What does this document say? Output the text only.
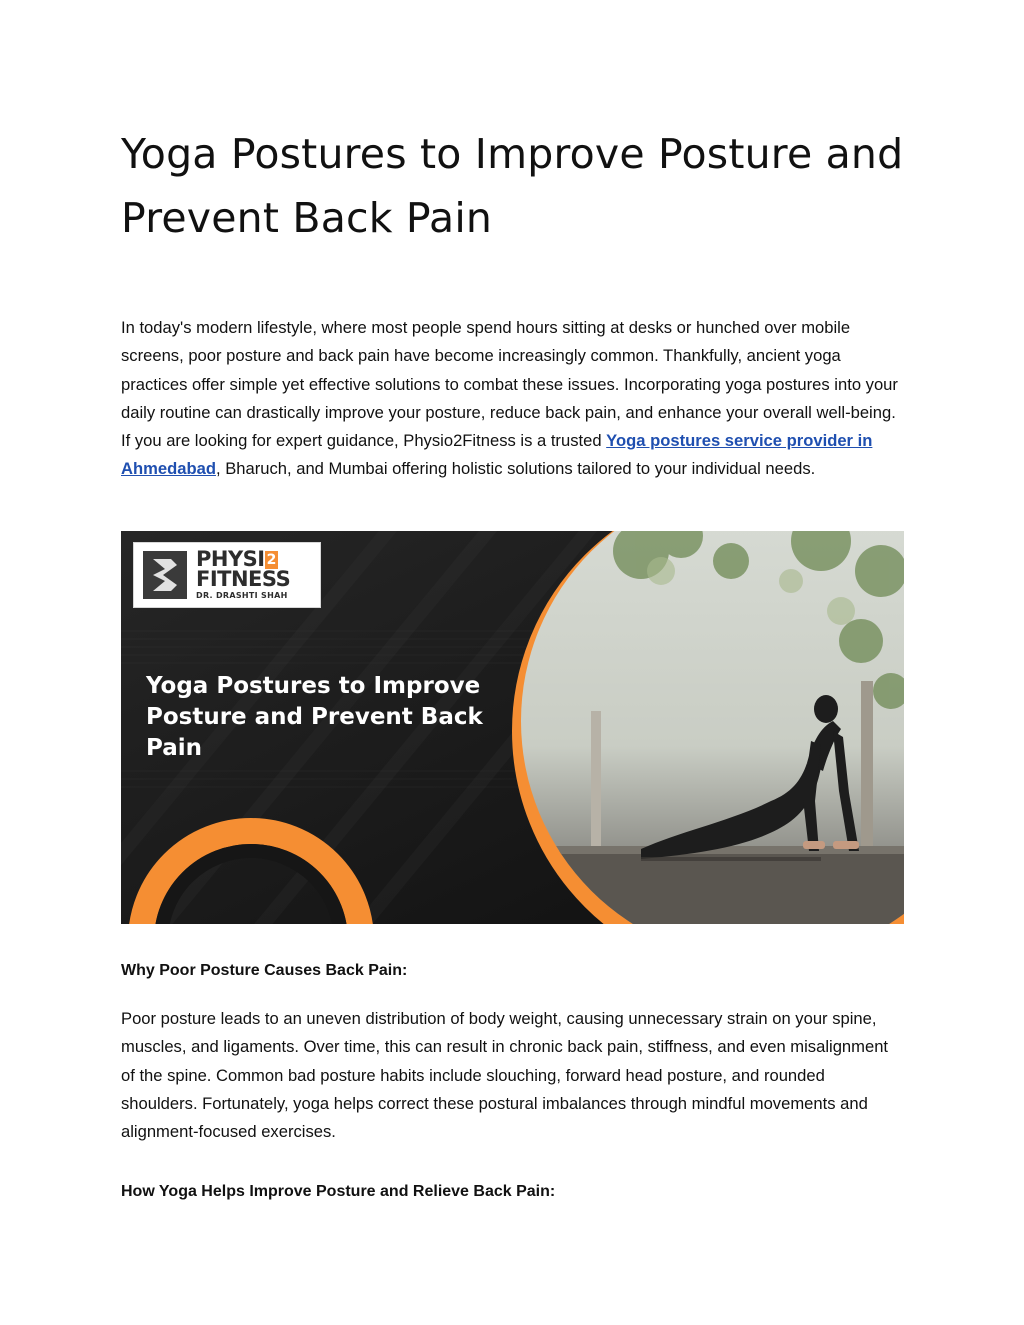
Yoga Postures to Improve Posture and Prevent Back Pain

In today's modern lifestyle, where most people spend hours sitting at desks or hunched over mobile screens, poor posture and back pain have become increasingly common. Thankfully, ancient yoga practices offer simple yet effective solutions to combat these issues. Incorporating yoga postures into your daily routine can drastically improve your posture, reduce back pain, and enhance your overall well-being. If you are looking for expert guidance, Physio2Fitness is a trusted Yoga postures service provider in Ahmedabad, Bharuch, and Mumbai offering holistic solutions tailored to your individual needs.

Why Poor Posture Causes Back Pain:

Poor posture leads to an uneven distribution of body weight, causing unnecessary strain on your spine, muscles, and ligaments. Over time, this can result in chronic back pain, stiffness, and even misalignment of the spine. Common bad posture habits include slouching, forward head posture, and rounded shoulders. Fortunately, yoga helps correct these postural imbalances through mindful movements and alignment-focused exercises.

How Yoga Helps Improve Posture and Relieve Back Pain:
PHYSI 2
FITNESS
DR. DRASHTI SHAH
Yoga Postures to Improve Posture and Prevent Back Pain
